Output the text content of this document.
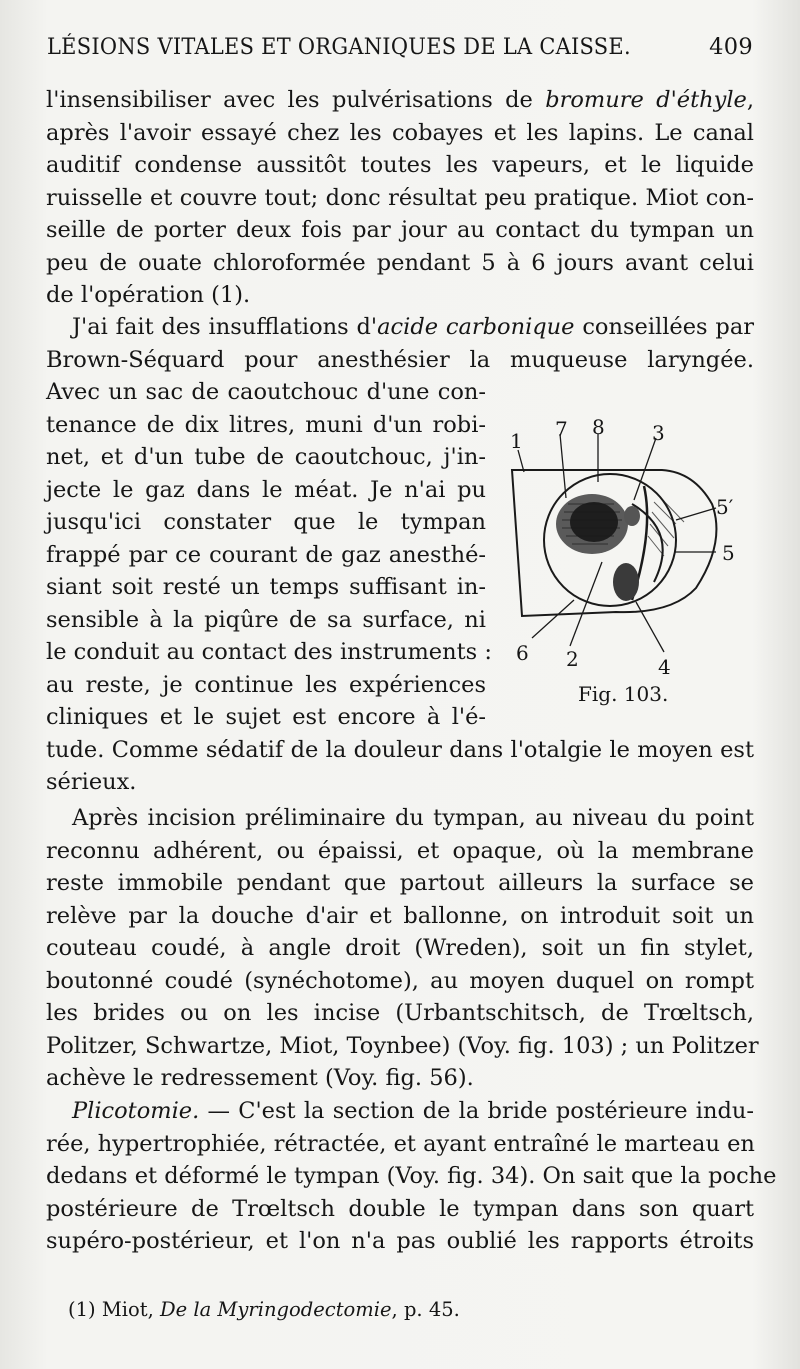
LÉSIONS VITALES ET ORGANIQUES DE LA CAISSE.	409
l'insensibiliser avec les pulvérisations de bromure d'éthyle,
après l'avoir essayé chez les cobayes et les lapins. Le canal
auditif condense aussitôt toutes les vapeurs, et le liquide
ruisselle et couvre tout; donc résultat peu pratique. Miot con-
seille de porter deux fois par jour au contact du tympan un
peu de ouate chloroformée pendant 5 à 6 jours avant celui
de l'opération (1).
J'ai fait des insufflations d'acide carbonique conseillées par
Brown-Séquard pour anesthésier la muqueuse laryngée.
Avec un sac de caoutchouc d'une con-
tenance de dix litres, muni d'un robi-
net, et d'un tube de caoutchouc, j'in-
jecte le gaz dans le méat. Je n'ai pu
jusqu'ici constater que le tympan
frappé par ce courant de gaz anesthé-
siant soit resté un temps suffisant in-
sensible à la piqûre de sa surface, ni
le conduit au contact des instruments :
au reste, je continue les expériences
cliniques et le sujet est encore à l'é-
tude. Comme sédatif de la douleur dans l'otalgie le moyen est
sérieux.
1 7 8 3
5′
5
6 2	4
Fig. 103.
Après incision préliminaire du tympan, au niveau du point
reconnu adhérent, ou épaissi, et opaque, où la membrane
reste immobile pendant que partout ailleurs la surface se
relève par la douche d'air et ballonne, on introduit soit un
couteau coudé, à angle droit (Wreden), soit un fin stylet,
boutonné coudé (synéchotome), au moyen duquel on rompt
les brides ou on les incise (Urbantschitsch, de Trœltsch,
Politzer, Schwartze, Miot, Toynbee) (Voy. fig. 103) ; un Politzer
achève le redressement (Voy. fig. 56).
Plicotomie. — C'est la section de la bride postérieure indu-
rée, hypertrophiée, rétractée, et ayant entraîné le marteau en
dedans et déformé le tympan (Voy. fig. 34). On sait que la poche
postérieure de Trœltsch double le tympan dans son quart
supéro-postérieur, et l'on n'a pas oublié les rapports étroits
(1) Miot, De la Myringodectomie, p. 45.
